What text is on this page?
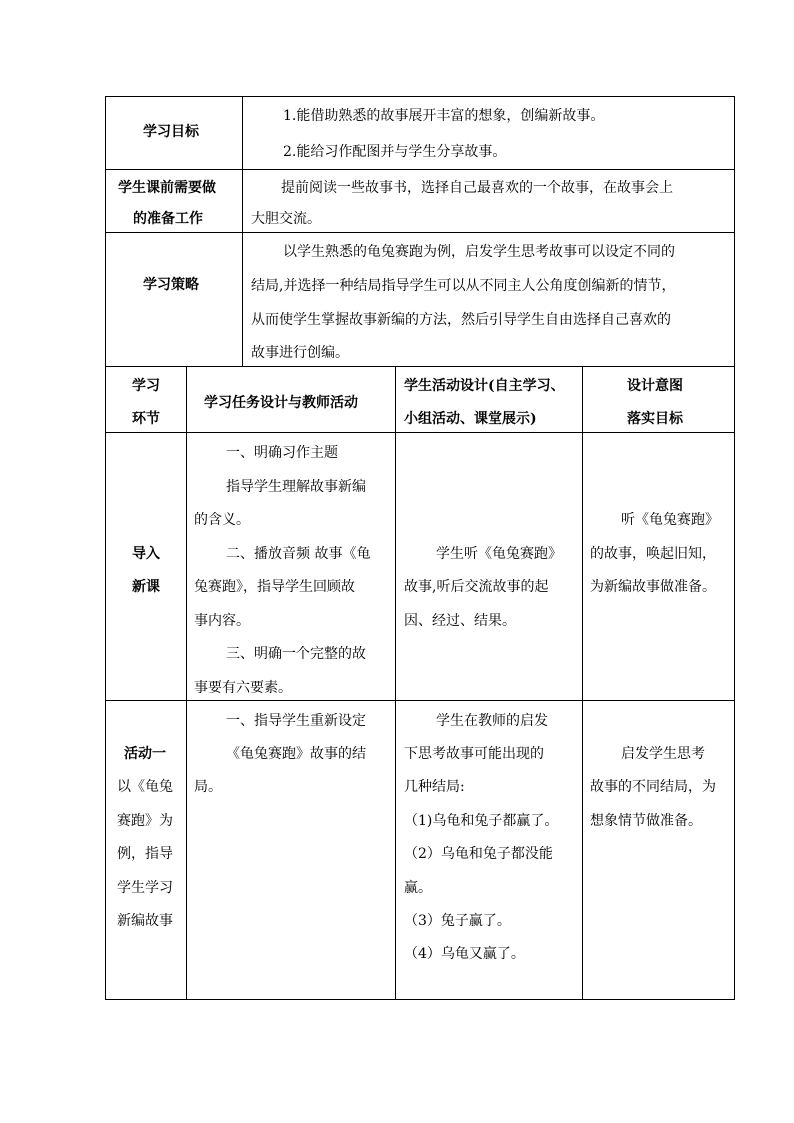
学习目标
1.能借助熟悉的故事展开丰富的想象，创编新故事。
2.能给习作配图并与学生分享故事。
学生课前需要做
的准备工作
提前阅读一些故事书，选择自己最喜欢的一个故事，在故事会上
大胆交流。
学习策略
以学生熟悉的龟兔赛跑为例，启发学生思考故事可以设定不同的
结局,并选择一种结局指导学生可以从不同主人公角度创编新的情节，
从而使学生掌握故事新编的方法，然后引导学生自由选择自己喜欢的
故事进行创编。
学习
环节
学习任务设计与教师活动
学生活动设计(自主学习、
小组活动、课堂展示)
设计意图
落实目标
导入
新课
一、明确习作主题
指导学生理解故事新编
的含义。
二、播放音频 故事《龟
兔赛跑》，指导学生回顾故
事内容。
三、明确一个完整的故
事要有六要素。
学生听《龟兔赛跑》
故事,听后交流故事的起
因、经过、结果。
听《龟兔赛跑》
的故事，唤起旧知，
为新编故事做准备。
活动一
以《龟兔
赛跑》为
例，指导
学生学习
新编故事
一、指导学生重新设定
《龟兔赛跑》故事的结
局。
学生在教师的启发
下思考故事可能出现的
几种结局:
（1)乌龟和兔子都赢了。
（2）乌龟和兔子都没能
赢。
（3）兔子赢了。
（4）乌龟又赢了。
启发学生思考
故事的不同结局，为
想象情节做准备。
